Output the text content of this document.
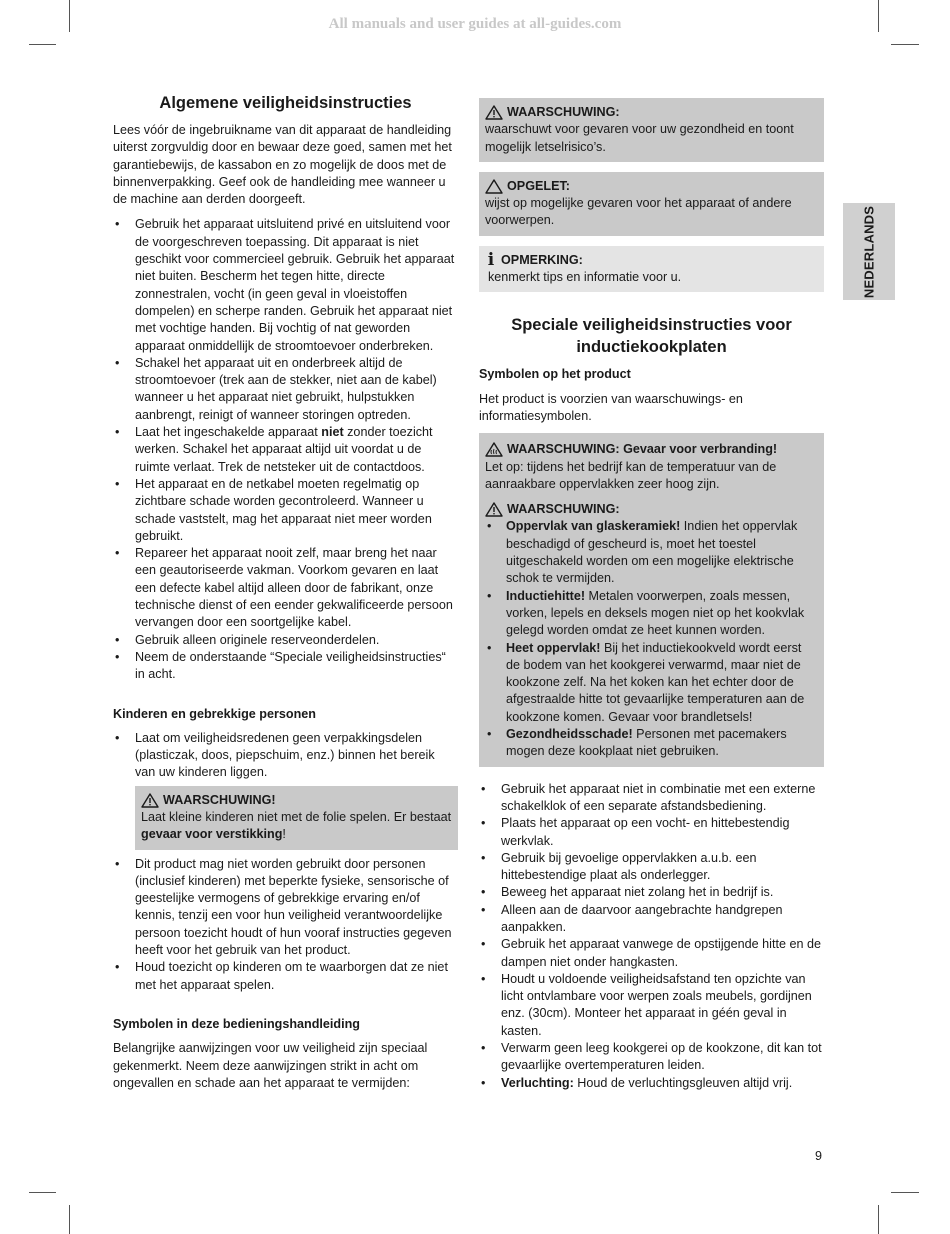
All manuals and user guides at all-guides.com
NEDERLANDS
Algemene veiligheidsinstructies

Lees vóór de ingebruikname van dit apparaat de handleiding uiterst zorgvuldig door en bewaar deze goed, samen met het garantiebewijs, de kassabon en zo mogelijk de doos met de binnenverpakking. Geef ook de handleiding mee wanneer u de machine aan derden doorgeeft.

• Gebruik het apparaat uitsluitend privé en uitsluitend voor de voorgeschreven toepassing. Dit apparaat is niet geschikt voor commercieel gebruik. Gebruik het apparaat niet buiten. Bescherm het tegen hitte, directe zonnestralen, vocht (in geen geval in vloeistoffen dompelen) en scherpe randen. Gebruik het apparaat niet met vochtige handen. Bij vochtig of nat geworden apparaat onmiddellijk de stroomtoevoer onderbreken.
• Schakel het apparaat uit en onderbreek altijd de stroomtoevoer (trek aan de stekker, niet aan de kabel) wanneer u het apparaat niet gebruikt, hulpstukken aanbrengt, reinigt of wanneer storingen optreden.
• Laat het ingeschakelde apparaat niet zonder toezicht werken. Schakel het apparaat altijd uit voordat u de ruimte verlaat. Trek de netsteker uit de contactdoos.
• Het apparaat en de netkabel moeten regelmatig op zichtbare schade worden gecontroleerd. Wanneer u schade vaststelt, mag het apparaat niet meer worden gebruikt.
• Repareer het apparaat nooit zelf, maar breng het naar een geautoriseerde vakman. Voorkom gevaren en laat een defecte kabel altijd alleen door de fabrikant, onze technische dienst of een eender gekwalificeerde persoon vervangen door een soortgelijke kabel.
• Gebruik alleen originele reserveonderdelen.
• Neem de onderstaande “Speciale veiligheidsinstructies“ in acht.
Kinderen en gebrekkige personen
• Laat om veiligheidsredenen geen verpakkingsdelen (plasticzak, doos, piepschuim, enz.) binnen het bereik van uw kinderen liggen.
WAARSCHUWING!
Laat kleine kinderen niet met de folie spelen. Er bestaat gevaar voor verstikking!
• Dit product mag niet worden gebruikt door personen (inclusief kinderen) met beperkte fysieke, sensorische of geestelijke vermogens of gebrekkige ervaring en/of kennis, tenzij een voor hun veiligheid verantwoordelijke persoon toezicht houdt of hun vooraf instructies gegeven heeft voor het gebruik van het product.
• Houd toezicht op kinderen om te waarborgen dat ze niet met het apparaat spelen.
Symbolen in deze bedieningshandleiding

Belangrijke aanwijzingen voor uw veiligheid zijn speciaal gekenmerkt. Neem deze aanwijzingen strikt in acht om ongevallen en schade aan het apparaat te vermijden:

WAARSCHUWING:
waarschuwt voor gevaren voor uw gezondheid en toont mogelijk letselrisico’s.
OPGELET:
wijst op mogelijke gevaren voor het apparaat of andere voorwerpen.
i OPMERKING:
kenmerkt tips en informatie voor u.
Speciale veiligheidsinstructies voor inductiekookplaten
Symbolen op het product

Het product is voorzien van waarschuwings- en informatiesymbolen.

WAARSCHUWING: Gevaar voor verbranding!
Let op: tijdens het bedrijf kan de temperatuur van de aanraakbare oppervlakken zeer hoog zijn.
WAARSCHUWING:
• Oppervlak van glaskeramiek! Indien het oppervlak beschadigd of gescheurd is, moet het toestel uitgeschakeld worden om een mogelijke elektrische schok te vermijden.
• Inductiehitte! Metalen voorwerpen, zoals messen, vorken, lepels en deksels mogen niet op het kookvlak gelegd worden omdat ze heet kunnen worden.
• Heet oppervlak! Bij het inductiekookveld wordt eerst de bodem van het kookgerei verwarmd, maar niet de kookzone zelf. Na het koken kan het echter door de afgestraalde hitte tot gevaarlijke temperaturen aan de kookzone komen. Gevaar voor brandletsels!
• Gezondheidsschade! Personen met pacemakers mogen deze kookplaat niet gebruiken.
• Gebruik het apparaat niet in combinatie met een externe schakelklok of een separate afstandsbediening.
• Plaats het apparaat op een vocht- en hittebestendig werkvlak.
• Gebruik bij gevoelige oppervlakken a.u.b. een hittebestendige plaat als onderlegger.
• Beweeg het apparaat niet zolang het in bedrijf is.
• Alleen aan de daarvoor aangebrachte handgrepen aanpakken.
• Gebruik het apparaat vanwege de opstijgende hitte en de dampen niet onder hangkasten.
• Houdt u voldoende veiligheidsafstand ten opzichte van licht ontvlambare voor werpen zoals meubels, gordijnen enz. (30cm). Monteer het apparaat in géén geval in kasten.
• Verwarm geen leeg kookgerei op de kookzone, dit kan tot gevaarlijke overtemperaturen leiden.
• Verluchting: Houd de verluchtingsgleuven altijd vrij.
9
